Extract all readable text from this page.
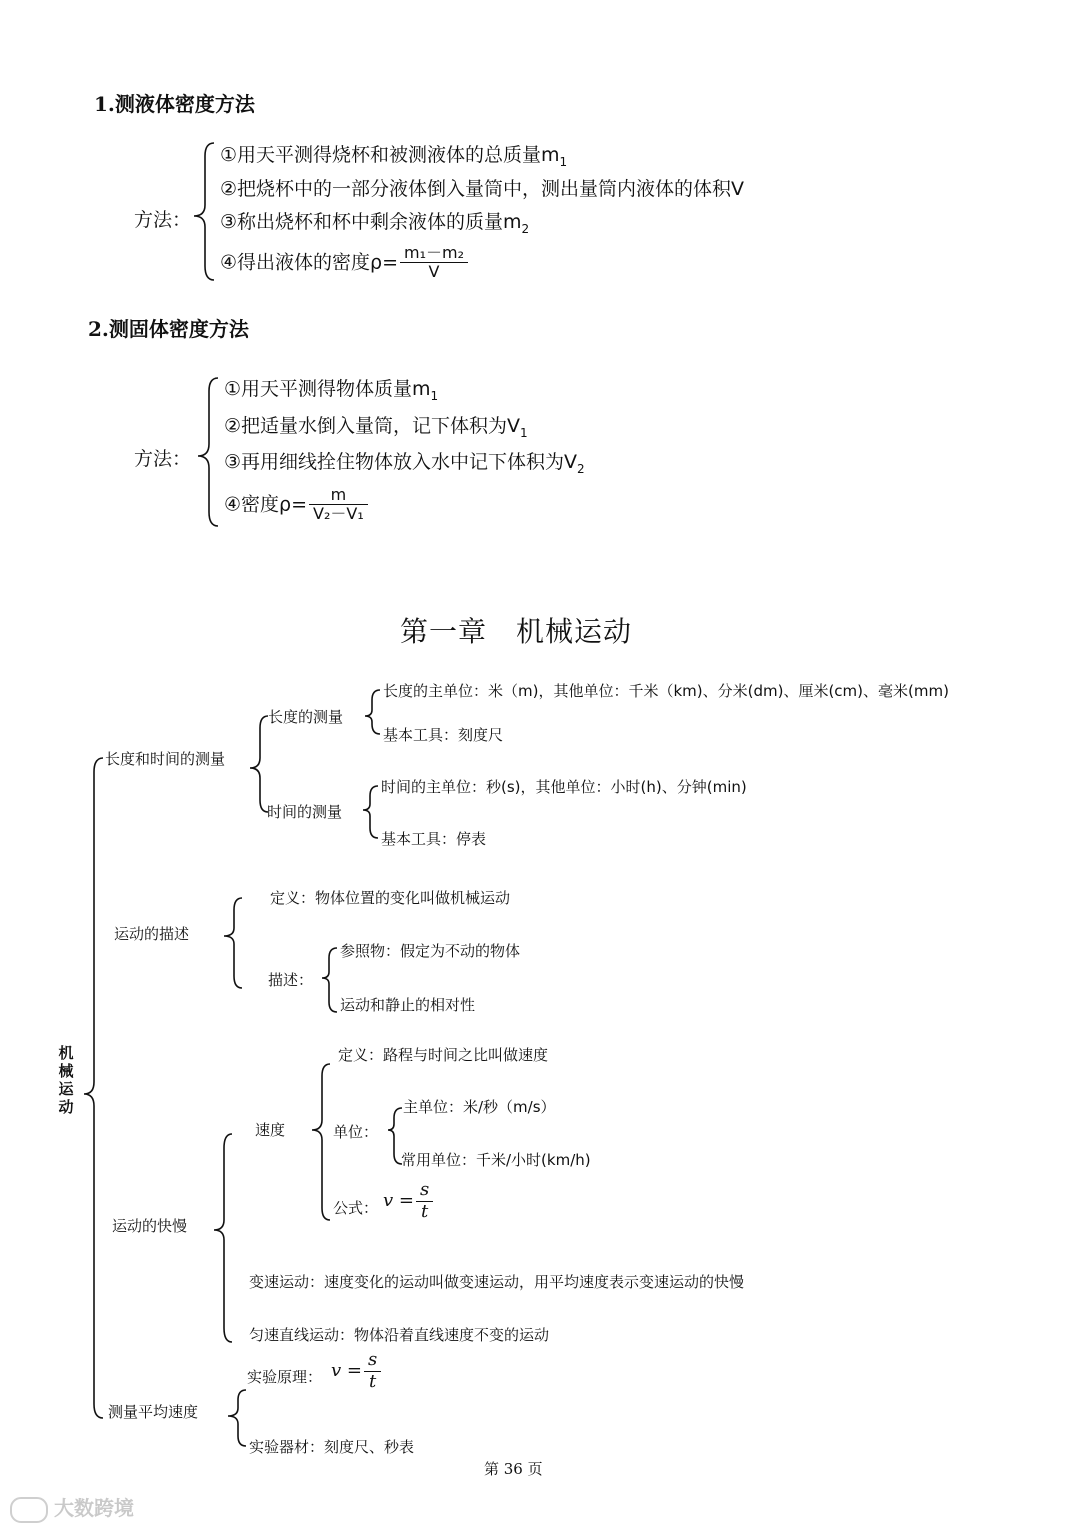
1.测液体密度方法
方法：
①用天平测得烧杯和被测液体的总质量$m_1$
②把烧杯中的一部分液体倒入量筒中，测出量筒内液体的体积V
③称出烧杯和杯中剩余液体的质量$m_2$
④得出液体的密度$\rho= \frac{\text{m₁－m₂}}{V}$
2.测固体密度方法
方法：
①用天平测得物体质量$m_1$
②把适量水倒入量筒，记下体积为$V_1$
③再用细线拴住物体放入水中记下体积为$V_2$
④密度$\rho= \frac{m}{\text{V₂－V₁}}$
第一章　机械运动
机械运动
长度和时间的测量
长度的测量
长度的主单位：米（m)，其他单位：千米（km)、分米(dm)、厘米(cm)、毫米(mm)
基本工具：刻度尺
时间的测量
时间的主单位：秒(s)，其他单位：小时(h)、分钟(min)
基本工具：停表
运动的描述
定义：物体位置的变化叫做机械运动
描述：
参照物：假定为不动的物体
运动和静止的相对性
运动的快慢
速度
定义：路程与时间之比叫做速度
单位：
主单位：米/秒（m/s）
常用单位：千米/小时(km/h)
公式： $v = \frac{s}{t}$
变速运动：速度变化的运动叫做变速运动，用平均速度表示变速运动的快慢
匀速直线运动：物体沿着直线速度不变的运动
测量平均速度
实验原理： $v = \frac{s}{t}$
实验器材：刻度尺、秒表
第 36 页
大数跨境
